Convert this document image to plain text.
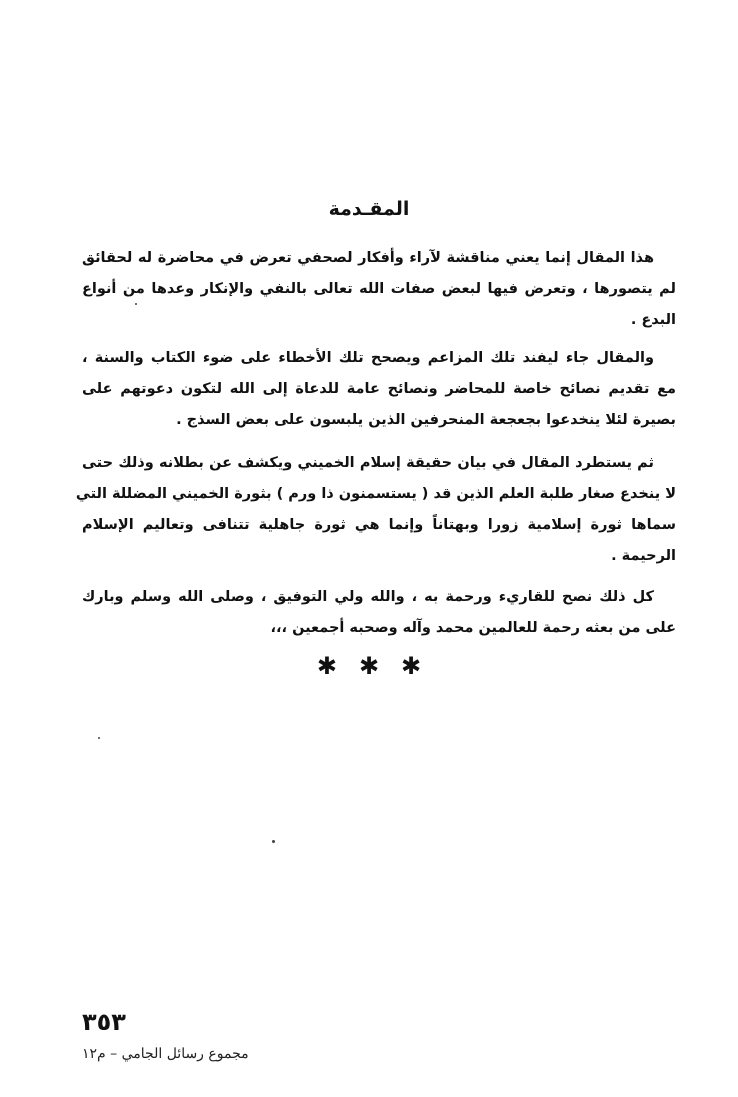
المقـدمة
هذا المقال إنما يعني مناقشة لآراء وأفكار لصحفي تعرض في محاضرة له لحقائق
لم يتصورها ، وتعرض فيها لبعض صفات الله تعالى بالنفي والإنكار وعدها من أنواع
البدع .
والمقال جاء ليفند تلك المزاعم ويصحح تلك الأخطاء على ضوء الكتاب والسنة ،
مع تقديم نصائح خاصة للمحاضر ونصائح عامة للدعاة إلى الله لتكون دعوتهم على
بصيرة لئلا ينخدعوا بجعجعة المنحرفين الذين يلبسون على بعض السذج .
ثم يستطرد المقال في بيان حقيقة إسلام الخميني ويكشف عن بطلانه وذلك حتى
لا ينخدع صغار طلبة العلم الذين قد ( يستسمنون ذا ورم ) بثورة الخميني المضللة التي
سماها ثورة إسلامية زورا وبهتاناً وإنما هي ثورة جاهلية تتنافى وتعاليم الإسلام
الرحيمة .
كل ذلك نصح للقاريء ورحمة به ، والله ولي التوفيق ، وصلى الله وسلم وبارك
على من بعثه رحمة للعالمين محمد وآله وصحبه أجمعين ،،،
✱✱✱
٣٥٣
مجموع رسائل الجامي – م١٢
